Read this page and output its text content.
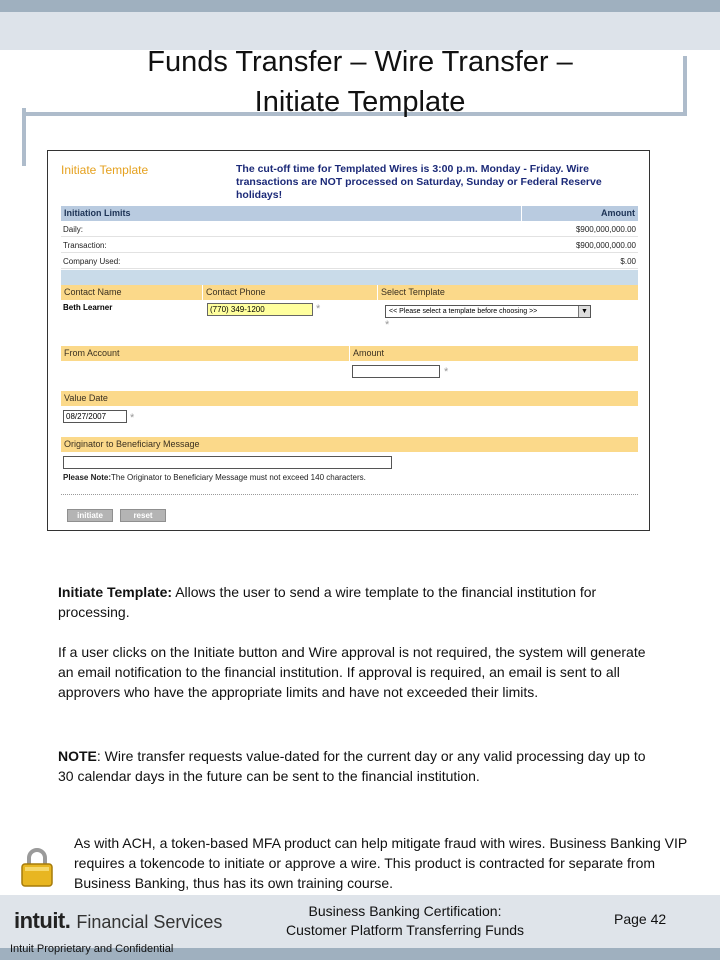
Funds Transfer – Wire Transfer –
Initiate Template
Initiate Template	The cut-off time for Templated Wires is 3:00 p.m. Monday - Friday. Wire transactions are NOT processed on Saturday, Sunday or Federal Reserve holidays!
Initiation Limits	Amount
Daily:	$900,000,000.00
Transaction:	$900,000,000.00
Company Used:	$.00
Contact Name	Contact Phone	Select Template
Beth Learner	(770) 349-1200	*	<< Please select a template before choosing >>	▼
*
From Account	Amount
*
Value Date
08/27/2007	*
Originator to Beneficiary Message
Please Note:The Originator to Beneficiary Message must not exceed 140 characters.
initiate	reset
Initiate Template: Allows the user to send a wire template to the financial institution for processing.
If a user clicks on the Initiate button and Wire approval is not required, the system will generate an email notification to the financial institution. If approval is required, an email is sent to all approvers who have the appropriate limits and have not exceeded their limits.
NOTE: Wire transfer requests value-dated for the current day or any valid processing day up to 30 calendar days in the future can be sent to the financial institution.
As with ACH, a token-based MFA product can help mitigate fraud with wires. Business Banking VIP requires a tokencode to initiate or approve a wire. This product is contracted for separate from Business Banking, thus has its own training course.
intuit. Financial Services
Business Banking Certification:
Customer Platform Transferring Funds
Page 42
Intuit Proprietary and Confidential
